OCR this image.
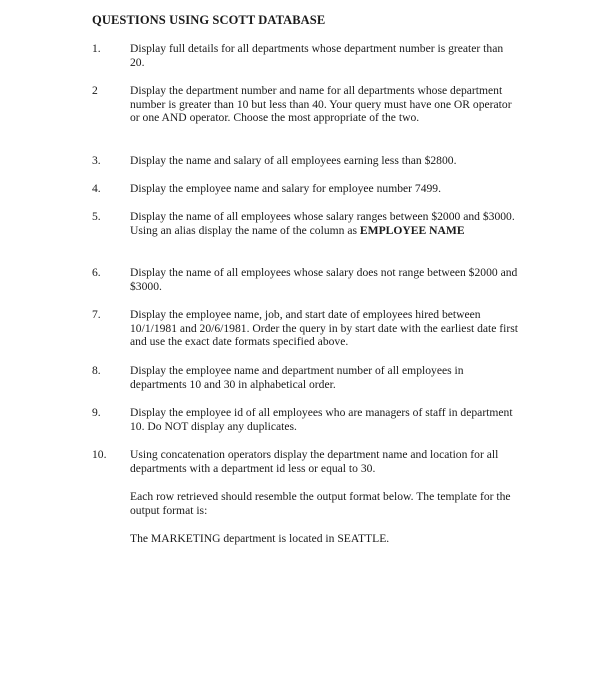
QUESTIONS USING SCOTT DATABASE
1.	Display full details for all departments whose department number is greater than 20.
2	Display the department number and name for all departments whose department number is greater than 10 but less than 40. Your query must have one OR operator or one AND operator. Choose the most appropriate of the two.
3.	Display the name and salary of all employees earning less than $2800.
4.	Display the employee name and salary for employee number 7499.
5.	Display the name of all employees whose salary ranges between $2000 and $3000. Using an alias display the name of the column as EMPLOYEE NAME
6.	Display the name of all employees whose salary does not range between $2000 and $3000.
7.	Display the employee name, job, and start date of employees hired between 10/1/1981 and 20/6/1981. Order the query in by start date with the earliest date first and use the exact date formats specified above.
8.	Display the employee name and department number of all employees in departments 10 and 30 in alphabetical order.
9.	Display the employee id of all employees who are managers of staff in department 10. Do NOT display any duplicates.
10.	Using concatenation operators display the department name and location for all departments with a department id less or equal to 30.
Each row retrieved should resemble the output format below. The template for the output format is:
The MARKETING department is located in SEATTLE.
